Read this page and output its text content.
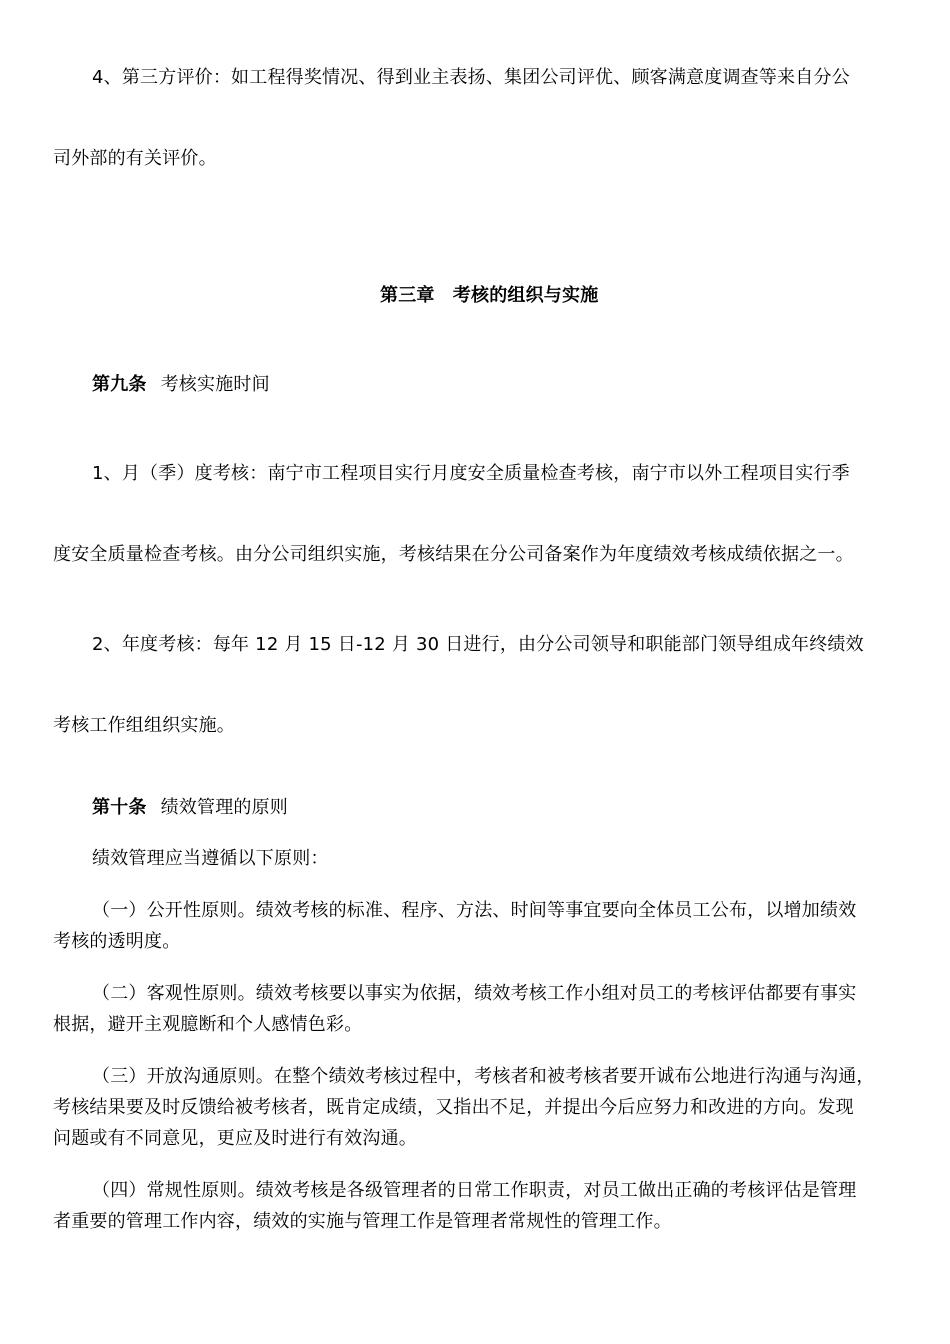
4、第三方评价：如工程得奖情况、得到业主表扬、集团公司评优、顾客满意度调查等来自分公
司外部的有关评价。
第三章　考核的组织与实施
第九条 考核实施时间
1、月（季）度考核：南宁市工程项目实行月度安全质量检查考核，南宁市以外工程项目实行季
度安全质量检查考核。由分公司组织实施，考核结果在分公司备案作为年度绩效考核成绩依据之一。
2、年度考核：每年 12 月 15 日-12 月 30 日进行，由分公司领导和职能部门领导组成年终绩效
考核工作组组织实施。
第十条 绩效管理的原则
绩效管理应当遵循以下原则：
（一）公开性原则。绩效考核的标准、程序、方法、时间等事宜要向全体员工公布，以增加绩效
考核的透明度。
（二）客观性原则。绩效考核要以事实为依据，绩效考核工作小组对员工的考核评估都要有事实
根据，避开主观臆断和个人感情色彩。
（三）开放沟通原则。在整个绩效考核过程中，考核者和被考核者要开诚布公地进行沟通与沟通，
考核结果要及时反馈给被考核者，既肯定成绩，又指出不足，并提出今后应努力和改进的方向。发现
问题或有不同意见，更应及时进行有效沟通。
（四）常规性原则。绩效考核是各级管理者的日常工作职责，对员工做出正确的考核评估是管理
者重要的管理工作内容，绩效的实施与管理工作是管理者常规性的管理工作。
